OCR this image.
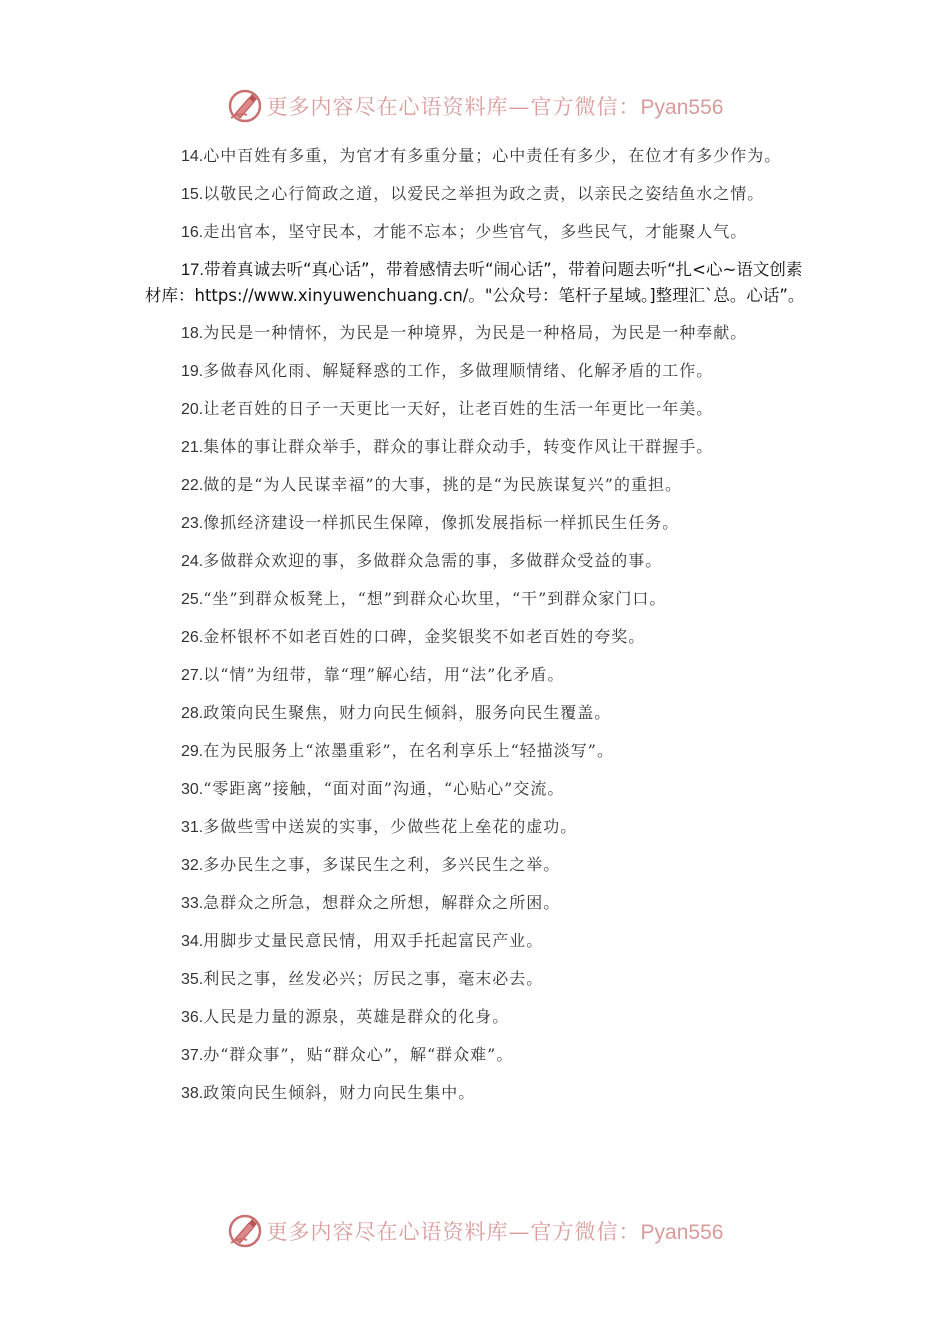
更多内容尽在心语资料库—官方微信：Pyan556

14.心中百姓有多重，为官才有多重分量；心中责任有多少，在位才有多少作为。

15.以敬民之心行简政之道，以爱民之举担为政之责，以亲民之姿结鱼水之情。

16.走出官本，坚守民本，才能不忘本；少些官气，多些民气，才能聚人气。

17.带着真诚去听“真心话”，带着感情去听“闹心话”，带着问题去听“扎<心~语文创素材库：https://www.xinyuwenchuang.cn/。"公众号：笔杆子星域。]整理汇`总。心话”。

18.为民是一种情怀，为民是一种境界，为民是一种格局，为民是一种奉献。

19.多做春风化雨、解疑释惑的工作，多做理顺情绪、化解矛盾的工作。

20.让老百姓的日子一天更比一天好，让老百姓的生活一年更比一年美。

21.集体的事让群众举手，群众的事让群众动手，转变作风让干群握手。

22.做的是“为人民谋幸福”的大事，挑的是“为民族谋复兴”的重担。

23.像抓经济建设一样抓民生保障，像抓发展指标一样抓民生任务。

24.多做群众欢迎的事，多做群众急需的事，多做群众受益的事。

25.“坐”到群众板凳上，“想”到群众心坎里，“干”到群众家门口。

26.金杯银杯不如老百姓的口碑，金奖银奖不如老百姓的夸奖。

27.以“情”为纽带，靠“理”解心结，用“法”化矛盾。

28.政策向民生聚焦，财力向民生倾斜，服务向民生覆盖。

29.在为民服务上“浓墨重彩”，在名利享乐上“轻描淡写”。

30.“零距离”接触，“面对面”沟通，“心贴心”交流。

31.多做些雪中送炭的实事，少做些花上垒花的虚功。

32.多办民生之事，多谋民生之利，多兴民生之举。

33.急群众之所急，想群众之所想，解群众之所困。

34.用脚步丈量民意民情，用双手托起富民产业。

35.利民之事，丝发必兴；厉民之事，毫末必去。

36.人民是力量的源泉，英雄是群众的化身。

37.办“群众事”，贴“群众心”，解“群众难”。

38.政策向民生倾斜，财力向民生集中。

更多内容尽在心语资料库—官方微信：Pyan556
